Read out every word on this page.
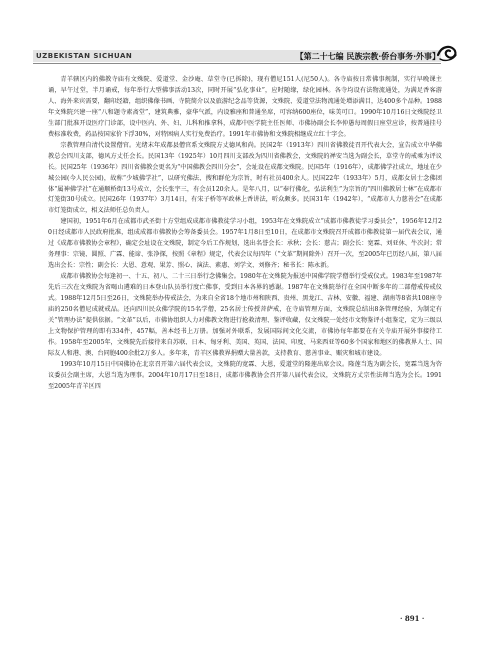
UZBEKISTAN SICHUAN	【第二十七编 民族宗教·侨台事务·外事】

青羊辖区内的佛教寺庙有文殊院、爱道堂、金沙庵、草堂寺(已拆除)，现有僧尼151人(尼50人)。各寺庙按日常佛事规制，实行早晚课主诵，早午过堂，半月诵戒，每年举行大型佛事活动13次，同时开展“弘化事业”，应时随缘，绿化园林。各寺均设有法物流通处，为满足香客游人、海外来宾需要，翻印经籍，组织佛像书画、寺院简介以及旅游纪念品等货源，文殊院、爱道堂法物流通处增添满目，达400多个品种。1988年文殊院兴建一座“八和题寺素斋堂”，建筑典雅，豪华气派，内设雅座和普通坐席，可容纳600座位，味美可口。1990年10月16日文殊院经卫生部门批准开设医疗门诊部，设中医内、外、妇、儿科和推拿科，成都中医学院主任医师、市佛协副会长李仲愚每周假日座堂应诊，按普通挂号费标准收费，药品按国家价下浮30%，对特困病人实行免费治疗。1991年市佛协和文殊院相继成立红十字会。

宗教管理自清代设置僧官。光绪末年成都县僧官系文殊院方丈德风和尚。民国2年（1913年）四川省佛教徒召开代表大会，宣告成立中华佛教总会四川支部，德风方丈任会长。民国13年（1925年）10月四川支部改为四川省佛教会，文殊院的禅安当选为副会长，草堂寺的戒乘为评议长。民国25年（1936年）四川省佛教会更名为“中国佛教会四川分会”，会址设在成都文殊院。民国5年（1916年），成都佛学社成立，地址在少城公园(今人民公园)，故称“少城佛学社”，以研究佛法、搜和群伦为宗旨，时有社员400余人。民国22年（1933年）5月，成都女居士念佛团体“属神佛学社”在通顺桥街13号成立，会长张宇三，有会员120余人。是年八月，以“奉行佛化，弘法利生”为宗旨的“四川佛教居士林”在成都市灯笼街30号成立。民国26年（1937年）3月14日，有宋子桥等军政林上香讲法，听众颇多。民国31年（1942年），“成都市人力慈善会”在成都市灯笼街成立，相义法师任总负责人。

建国初，1951年6月在成都市武圣街十方堂组成成都市佛教徒学习小组，1953年在文殊院成立“成都市佛教徒学习委员会”，1956年12月20日经成都市人民政府批准，组成成都市佛教协会筹备委员会。1957年1月8日至10日，在成都市文殊院召开成都市佛教徒第一届代表会议，通过《成都市佛教协会章程》，确定会址设在文殊院，制定今后工作规划，选出名誉会长：承秋；会长：慈吉；副会长：宽霖、刘亚休、牛次封；常务理事：宗镜、圆照、广霖、能谛、张净探，按照《章程》规定，代表会议每四年（“文革”期间除外）召开一次，至2005年已历经八届，第八届选出会长：宗性；副会长：大恩、意观、果芳、照心、演法、素惠、刘学文、刘修齐；秘书长：陈永新。

成都市佛教协会每逢初一、十五、初八、二十三日举行念佛集会。1980年在文殊院为报送中国佛学院学僧举行受戒仪式。1983年至1987年先后三次在文殊院为省喝山遴难的日本登山队员举行度亡佛事，受到日本各界的感谢。1987年在文殊院举行在全国中断多年的二部僧戒传戒仪式。1988年12月5日至26日，文殊院举办传戒法会，为来自全省18个地市州和陕西、贵州、黑龙江、吉林、安徽、福建、湖南等8省共108座寺庙的250名僧尼成就戒品。还向四川民众佛学院的15名学僧，25名居士传授菩萨戒，在寺庙管理方面，文殊院总结出8条管理经验，为制定有关“管理办法”提供依据。“文革”以后，市佛协组织人力对佛教文物进行抢救清理、鉴评收藏，仅文殊院一处经市文物鉴评小组鉴定，定为三级以上文物保护管理的即有334件，457幅，善本经书上万册。加强对外联系，发展国际间文化交流，市佛协每年都要在有关寺庙开展外事接待工作。1958年至2005年，文殊院先后接待来自苏联、日本、匈牙利、美国、英国、法国、印度、马来西亚等60多个国家和地区的佛教界人士、国际友人和港、澳、台同胞400余批2万多人。多年来，青羊区佛教界捐赠大量善款，支持教育、慈善事业、赈灾和城市建设。

1993年10月15日中国佛协在北京召开第六届代表会议，文殊院的宽霖、大恩，爱道堂的隆莲出席会议。隆莲当选为副会长，宽霖当选为咨议委员会副主席，大恩当选为理事。2004年10月17日至18日，成都市佛教协会召开第八届代表会议，文殊院方丈宗性法师当选为会长。1991至2005年青羊区四

· 891 ·
